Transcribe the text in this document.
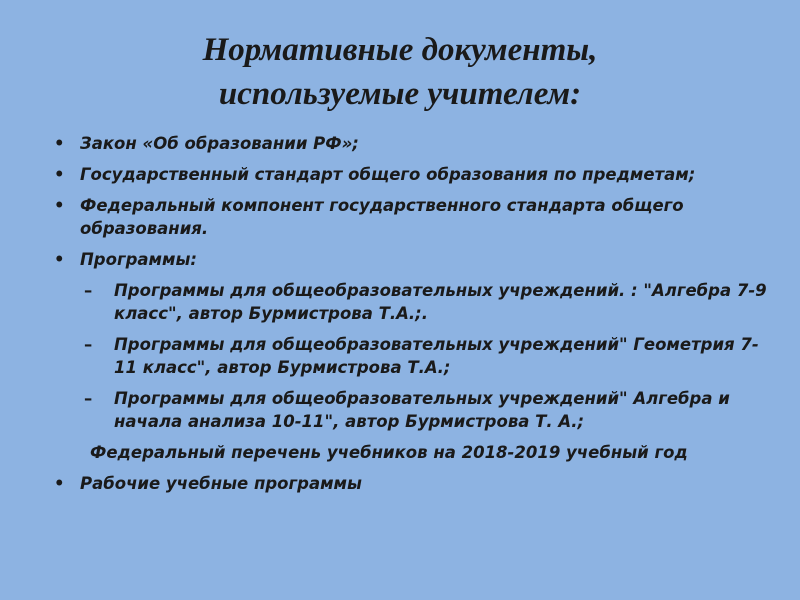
Нормативные документы,
используемые учителем:
• Закон «Об образовании РФ»;
• Государственный стандарт общего образования по предметам;
• Федеральный компонент государственного стандарта общего образования.
• Программы:
– Программы для общеобразовательных учреждений. : "Алгебра 7-9 класс", автор Бурмистрова Т.А.;.
– Программы для общеобразовательных учреждений" Геометрия 7-11 класс", автор Бурмистрова Т.А.;
– Программы для общеобразовательных учреждений" Алгебра и начала анализа 10-11", автор Бурмистрова Т. А.;
Федеральный перечень учебников на 2018-2019 учебный год
• Рабочие учебные программы
